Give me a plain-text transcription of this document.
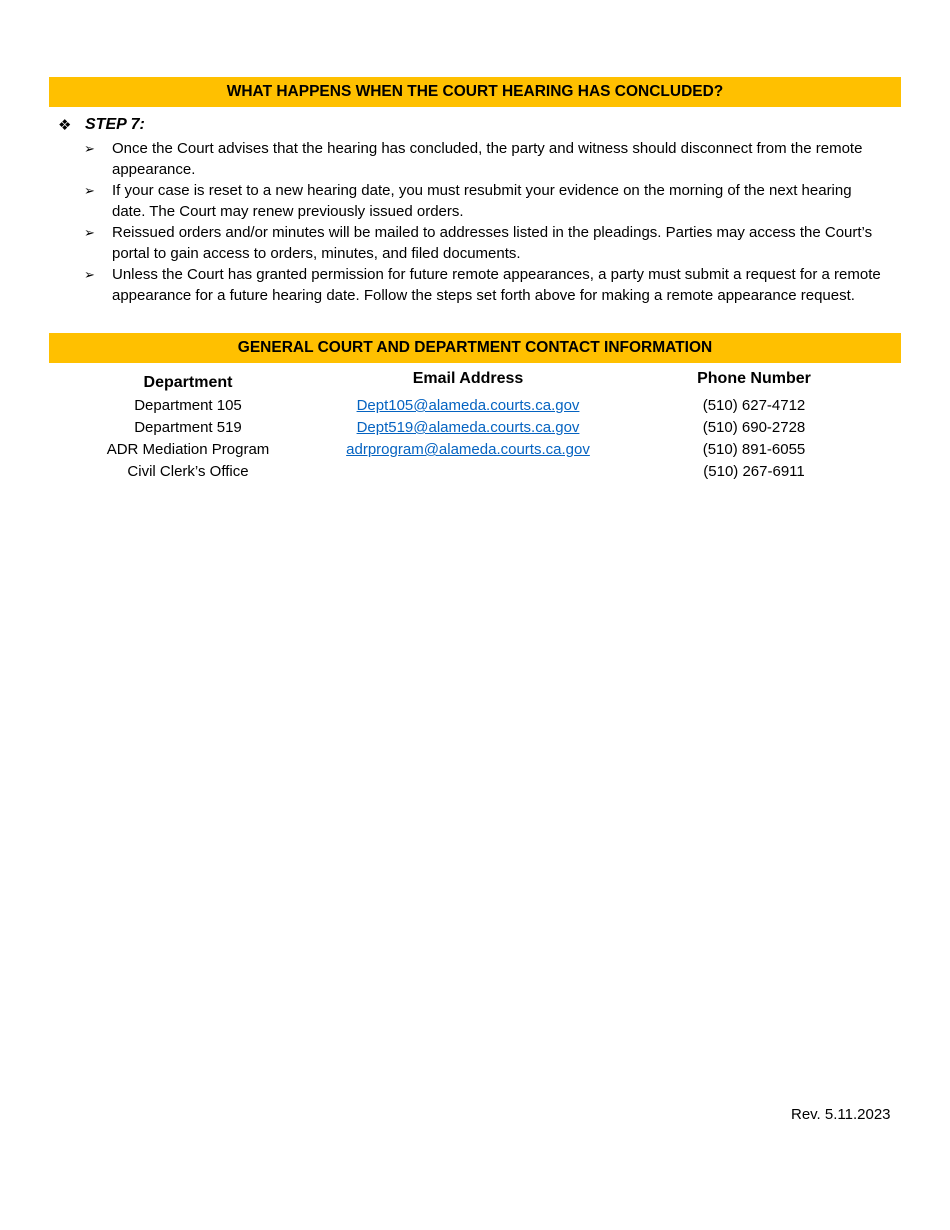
WHAT HAPPENS WHEN THE COURT HEARING HAS CONCLUDED?
❖ STEP 7:
➢ Once the Court advises that the hearing has concluded, the party and witness should disconnect from the remote appearance.
➢ If your case is reset to a new hearing date, you must resubmit your evidence on the morning of the next hearing date. The Court may renew previously issued orders.
➢ Reissued orders and/or minutes will be mailed to addresses listed in the pleadings. Parties may access the Court’s portal to gain access to orders, minutes, and filed documents.
➢ Unless the Court has granted permission for future remote appearances, a party must submit a request for a remote appearance for a future hearing date. Follow the steps set forth above for making a remote appearance request.
GENERAL COURT AND DEPARTMENT CONTACT INFORMATION
Department
Department 105
Department 519
ADR Mediation Program
Civil Clerk’s Office
Email Address
Dept105@alameda.courts.ca.gov
Dept519@alameda.courts.ca.gov
adrprogram@alameda.courts.ca.gov
Phone Number
(510) 627-4712
(510) 690-2728
(510) 891-6055
(510) 267-6911
Rev. 5.11.2023
